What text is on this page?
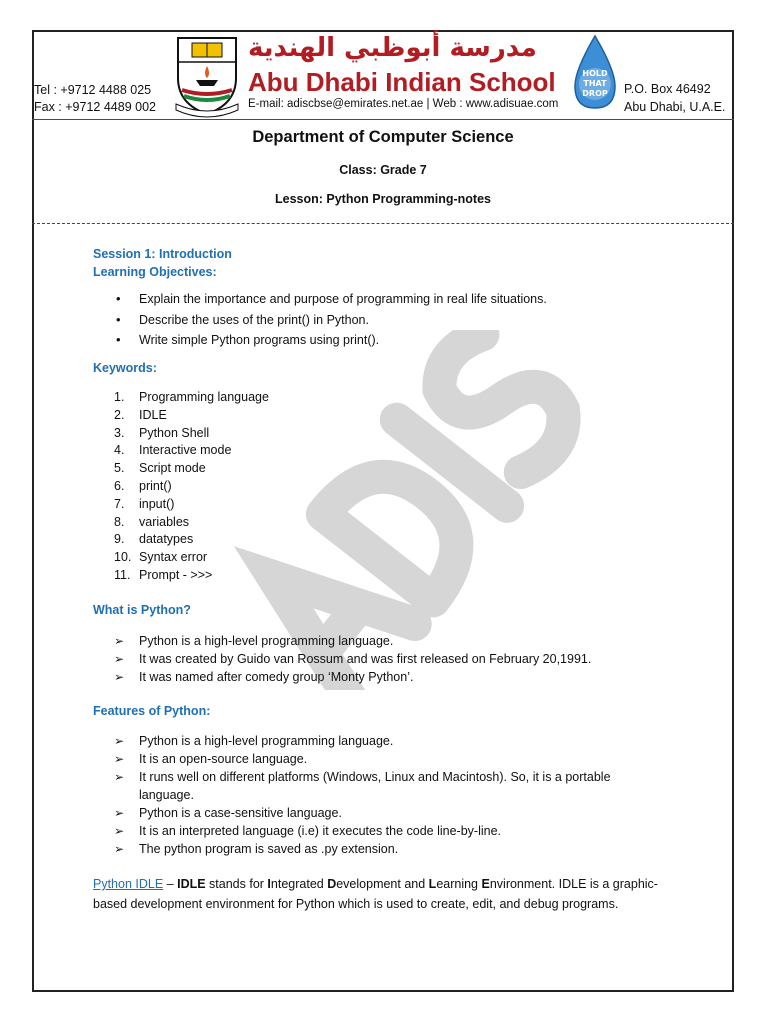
Tel : +9712 4488 025
Fax : +9712 4489 002
مدرسة أبوظبي الهندية
Abu Dhabi Indian School
E-mail: adiscbse@emirates.net.ae | Web : www.adisuae.com
HOLD
THAT
DROP P.O. Box 46492
Abu Dhabi, U.A.E.
Department of Computer Science
Class: Grade 7
Lesson: Python Programming-notes
Session 1: Introduction
Learning Objectives:
• Explain the importance and purpose of programming in real life situations.
• Describe the uses of the print() in Python.
• Write simple Python programs using print().
Keywords:
1. Programming language
2. IDLE
3. Python Shell
4. Interactive mode
5. Script mode
6. print()
7. input()
8. variables
9. datatypes
10. Syntax error
11. Prompt - >>>
What is Python?
➢ Python is a high-level programming language.
➢ It was created by Guido van Rossum and was first released on February 20,1991.
➢ It was named after comedy group ‘Monty Python’.
Features of Python:
➢ Python is a high-level programming language.
➢ It is an open-source language.
➢ It runs well on different platforms (Windows, Linux and Macintosh). So, it is a portable language.
➢ Python is a case-sensitive language.
➢ It is an interpreted language (i.e) it executes the code line-by-line.
➢ The python program is saved as .py extension.
Python IDLE – IDLE stands for Integrated Development and Learning Environment. IDLE is a graphic-based development environment for Python which is used to create, edit, and debug programs.
